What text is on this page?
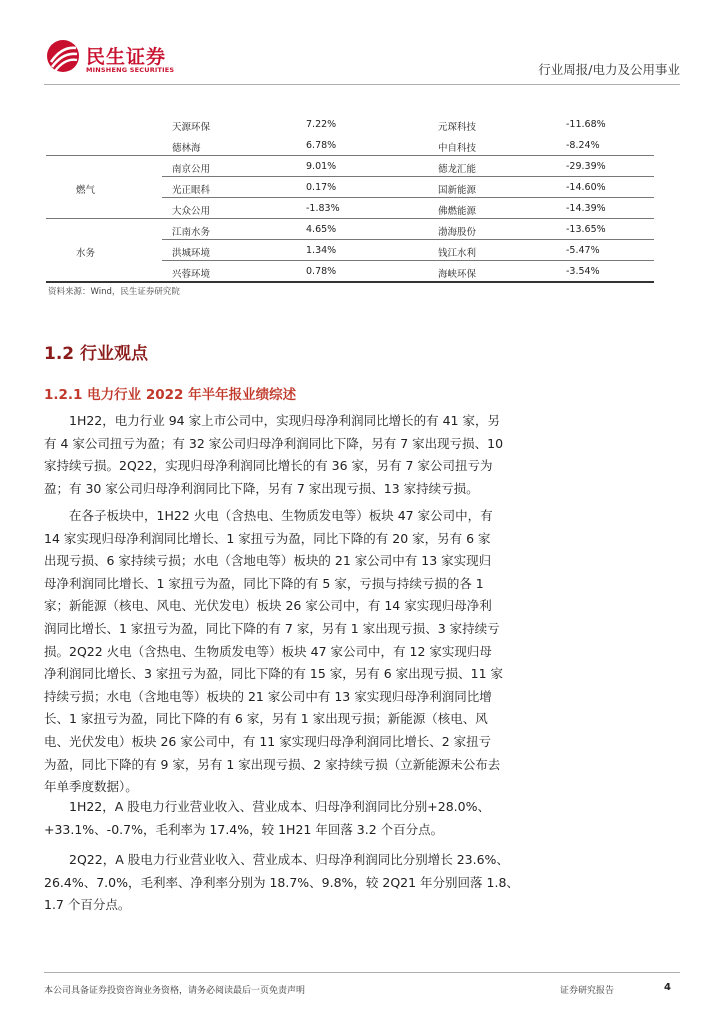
民生证券
MINSHENG SECURITIES	行业周报/电力及公用事业
天源环保	7.22%	元琛科技	-11.68%
德林海	6.78%	中自科技	-8.24%
南京公用	9.01%	德龙汇能	-29.39%
燃气	光正眼科	0.17%	国新能源	-14.60%
大众公用	-1.83%	佛燃能源	-14.39%
江南水务	4.65%	渤海股份	-13.65%
水务	洪城环境	1.34%	钱江水利	-5.47%
兴蓉环境	0.78%	海峡环保	-3.54%
资料来源：Wind，民生证券研究院
1.2 行业观点
1.2.1 电力行业 2022 年半年报业绩综述
1H22，电力行业 94 家上市公司中，实现归母净利润同比增长的有 41 家，另
有 4 家公司扭亏为盈；有 32 家公司归母净利润同比下降，另有 7 家出现亏损、10
家持续亏损。2Q22，实现归母净利润同比增长的有 36 家，另有 7 家公司扭亏为
盈；有 30 家公司归母净利润同比下降，另有 7 家出现亏损、13 家持续亏损。
在各子板块中，1H22 火电（含热电、生物质发电等）板块 47 家公司中，有
14 家实现归母净利润同比增长、1 家扭亏为盈，同比下降的有 20 家，另有 6 家
出现亏损、6 家持续亏损；水电（含地电等）板块的 21 家公司中有 13 家实现归
母净利润同比增长、1 家扭亏为盈，同比下降的有 5 家，亏损与持续亏损的各 1
家；新能源（核电、风电、光伏发电）板块 26 家公司中，有 14 家实现归母净利
润同比增长、1 家扭亏为盈，同比下降的有 7 家，另有 1 家出现亏损、3 家持续亏
损。2Q22 火电（含热电、生物质发电等）板块 47 家公司中，有 12 家实现归母
净利润同比增长、3 家扭亏为盈，同比下降的有 15 家，另有 6 家出现亏损、11 家
持续亏损；水电（含地电等）板块的 21 家公司中有 13 家实现归母净利润同比增
长、1 家扭亏为盈，同比下降的有 6 家，另有 1 家出现亏损；新能源（核电、风
电、光伏发电）板块 26 家公司中，有 11 家实现归母净利润同比增长、2 家扭亏
为盈，同比下降的有 9 家，另有 1 家出现亏损、2 家持续亏损（立新能源未公布去
年单季度数据）。
1H22，A 股电力行业营业收入、营业成本、归母净利润同比分别+28.0%、
+33.1%、-0.7%，毛利率为 17.4%，较 1H21 年回落 3.2 个百分点。
2Q22，A 股电力行业营业收入、营业成本、归母净利润同比分别增长 23.6%、
26.4%、7.0%，毛利率、净利率分别为 18.7%、9.8%，较 2Q21 年分别回落 1.8、
1.7 个百分点。
本公司具备证券投资咨询业务资格，请务必阅读最后一页免责声明	证券研究报告	4
